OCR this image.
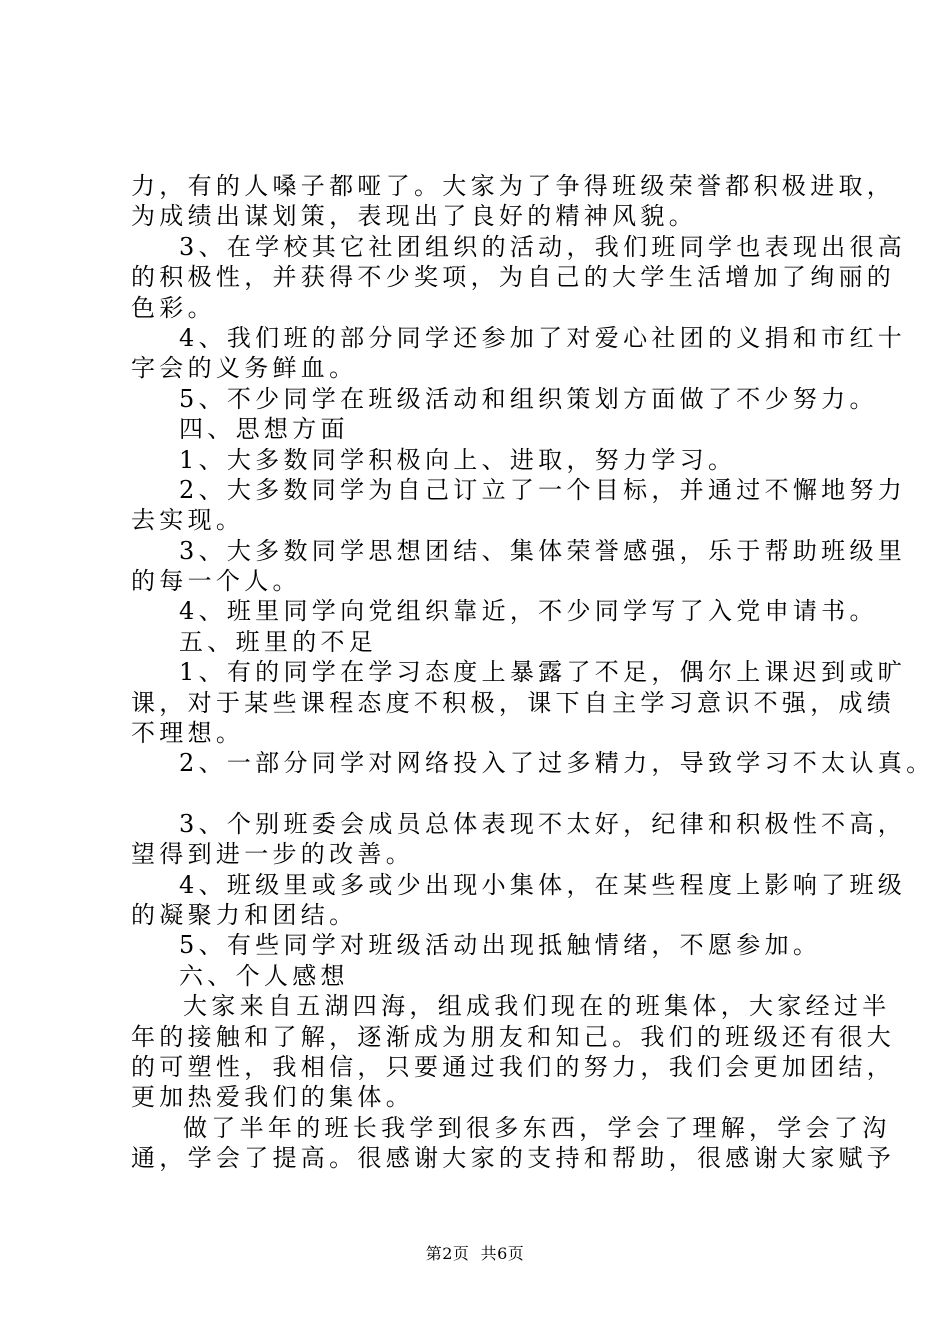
力，有的人嗓子都哑了。大家为了争得班级荣誉都积极进取，
为成绩出谋划策，表现出了良好的精神风貌。
3、在学校其它社团组织的活动，我们班同学也表现出很高
的积极性，并获得不少奖项，为自己的大学生活增加了绚丽的
色彩。
4、我们班的部分同学还参加了对爱心社团的义捐和市红十
字会的义务鲜血。
5、不少同学在班级活动和组织策划方面做了不少努力。
四、思想方面
1、大多数同学积极向上、进取，努力学习。
2、大多数同学为自己订立了一个目标，并通过不懈地努力
去实现。
3、大多数同学思想团结、集体荣誉感强，乐于帮助班级里
的每一个人。
4、班里同学向党组织靠近，不少同学写了入党申请书。
五、班里的不足
1、有的同学在学习态度上暴露了不足，偶尔上课迟到或旷
课，对于某些课程态度不积极，课下自主学习意识不强，成绩
不理想。
2、一部分同学对网络投入了过多精力，导致学习不太认真。
3、个别班委会成员总体表现不太好，纪律和积极性不高，
望得到进一步的改善。
4、班级里或多或少出现小集体，在某些程度上影响了班级
的凝聚力和团结。
5、有些同学对班级活动出现抵触情绪，不愿参加。
六、个人感想
大家来自五湖四海，组成我们现在的班集体，大家经过半
年的接触和了解，逐渐成为朋友和知己。我们的班级还有很大
的可塑性，我相信，只要通过我们的努力，我们会更加团结，
更加热爱我们的集体。
做了半年的班长我学到很多东西，学会了理解，学会了沟
通，学会了提高。很感谢大家的支持和帮助，很感谢大家赋予
第2页 共6页
